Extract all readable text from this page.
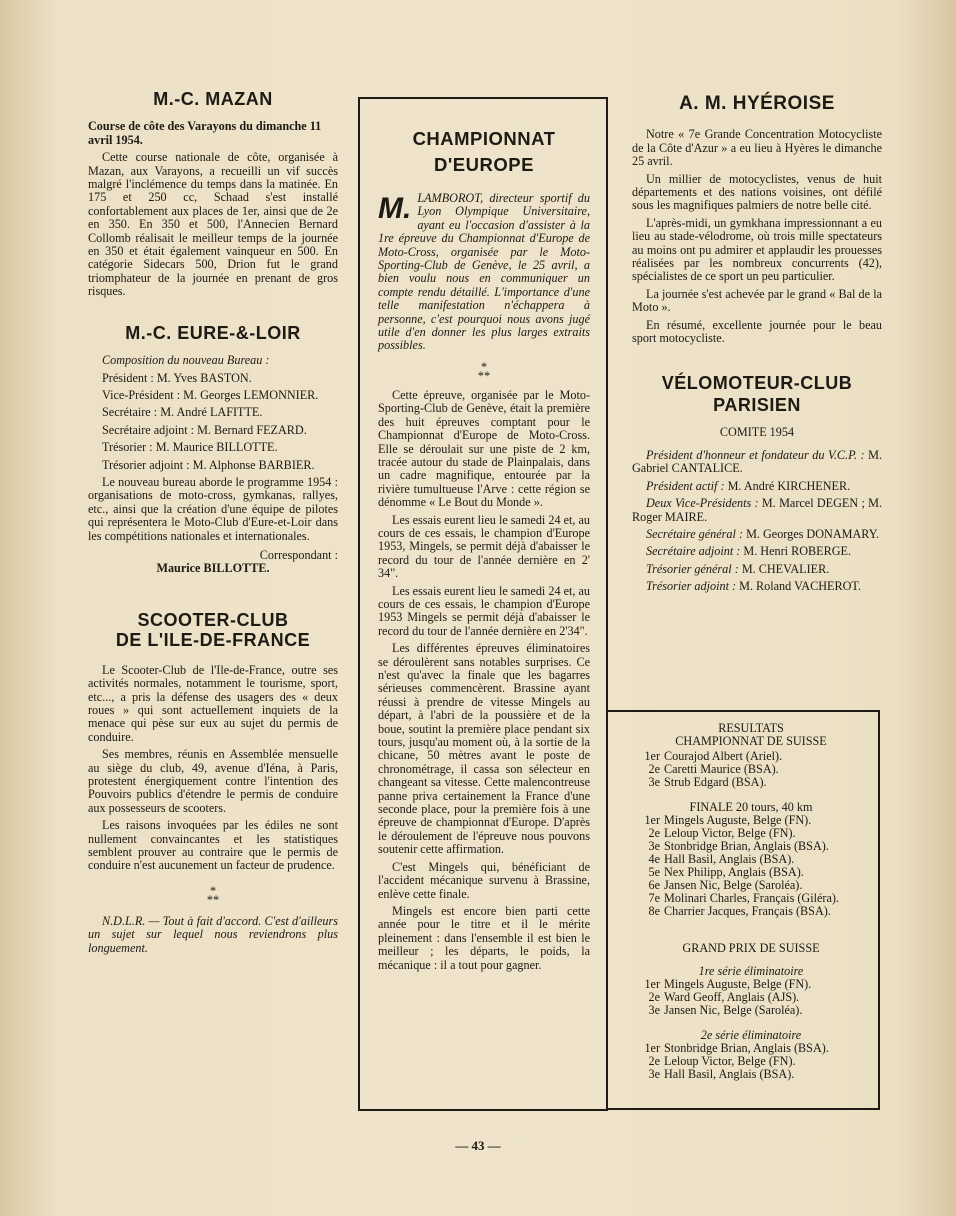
M.-C. MAZAN

Course de côte des Varayons du dimanche 11 avril 1954.

Cette course nationale de côte, organisée à Mazan, aux Varayons, a recueilli un vif succès malgré l'inclémence du temps dans la matinée. En 175 et 250 cc, Schaad s'est installé confortablement aux places de 1er, ainsi que de 2e en 350. En 350 et 500, l'Annecien Bernard Collomb réalisait le meilleur temps de la journée en 350 et était également vainqueur en 500. En catégorie Sidecars 500, Drion fut le grand triomphateur de la journée en prenant de gros risques.

M.-C. EURE-&-LOIR

Composition du nouveau Bureau :

Président : M. Yves BASTON.

Vice-Président : M. Georges LEMONNIER.

Secrétaire : M. André LAFITTE.

Secrétaire adjoint : M. Bernard FEZARD.

Trésorier : M. Maurice BILLOTTE.

Trésorier adjoint : M. Alphonse BARBIER.

Le nouveau bureau aborde le programme 1954 : organisations de moto-cross, gymkanas, rallyes, etc., ainsi que la création d'une équipe de pilotes qui représentera le Moto-Club d'Eure-et-Loir dans les compétitions nationales et internationales.

Correspondant :

Maurice BILLOTTE.

SCOOTER-CLUB
DE L'ILE-DE-FRANCE

Le Scooter-Club de l'Ile-de-France, outre ses activités normales, notamment le tourisme, sport, etc..., a pris la défense des usagers des « deux roues » qui sont actuellement inquiets de la menace qui pèse sur eux au sujet du permis de conduire.

Ses membres, réunis en Assemblée mensuelle au siège du club, 49, avenue d'Iéna, à Paris, protestent énergiquement contre l'intention des Pouvoirs publics d'étendre le permis de conduire aux possesseurs de scooters.

Les raisons invoquées par les édiles ne sont nullement convaincantes et les statistiques semblent prouver au contraire que le permis de conduire n'est aucunement un facteur de prudence.

*
**

N.D.L.R. — Tout à fait d'accord. C'est d'ailleurs un sujet sur lequel nous reviendrons plus longuement.

CHAMPIONNAT
D'EUROPE

M. LAMBOROT, directeur sportif du Lyon Olympique Universitaire, ayant eu l'occasion d'assister à la 1re épreuve du Championnat d'Europe de Moto-Cross, organisée par le Moto-Sporting-Club de Genève, le 25 avril, a bien voulu nous en communiquer un compte rendu détaillé. L'importance d'une telle manifestation n'échappera à personne, c'est pourquoi nous avons jugé utile d'en donner les plus larges extraits possibles.

*
**

Cette épreuve, organisée par le Moto-Sporting-Club de Genève, était la première des huit épreuves comptant pour le Championnat d'Europe de Moto-Cross. Elle se déroulait sur une piste de 2 km, tracée autour du stade de Plainpalais, dans un cadre magnifique, entourée par la rivière tumultueuse l'Arve : cette région se dénomme « Le Bout du Monde ».

Les essais eurent lieu le samedi 24 et, au cours de ces essais, le champion d'Europe 1953, Mingels, se permit déjà d'abaisser le record du tour de l'année dernière en 2' 34".

Les essais eurent lieu le samedi 24 et, au cours de ces essais, le champion d'Europe 1953 Mingels se permit déjà d'abaisser le record du tour de l'année dernière en 2'34".

Les différentes épreuves éliminatoires se déroulèrent sans notables surprises. Ce n'est qu'avec la finale que les bagarres sérieuses commencèrent. Brassine ayant réussi à prendre de vitesse Mingels au départ, à l'abri de la poussière et de la boue, soutint la première place pendant six tours, jusqu'au moment où, à la sortie de la chicane, 50 mètres avant le poste de chronométrage, il cassa son sélecteur en changeant sa vitesse. Cette malencontreuse panne priva certainement la France d'une seconde place, pour la première fois à une épreuve de championnat d'Europe. D'après le déroulement de l'épreuve nous pouvons soutenir cette affirmation.

C'est Mingels qui, bénéficiant de l'accident mécanique survenu à Brassine, enlève cette finale.

Mingels est encore bien parti cette année pour le titre et il le mérite pleinement : dans l'ensemble il est bien le meilleur ; les départs, le poids, la mécanique : il a tout pour gagner.

A. M. HYÉROISE

Notre « 7e Grande Concentration Motocycliste de la Côte d'Azur » a eu lieu à Hyères le dimanche 25 avril.

Un millier de motocyclistes, venus de huit départements et des nations voisines, ont défilé sous les magnifiques palmiers de notre belle cité.

L'après-midi, un gymkhana impressionnant a eu lieu au stade-vélodrome, où trois mille spectateurs au moins ont pu admirer et applaudir les prouesses réalisées par les nombreux concurrents (42), spécialistes de ce sport un peu particulier.

La journée s'est achevée par le grand « Bal de la Moto ».

En résumé, excellente journée pour le beau sport motocycliste.

VÉLOMOTEUR-CLUB
PARISIEN

COMITE 1954

Président d'honneur et fondateur du V.C.P. : M. Gabriel CANTALICE.

Président actif : M. André KIRCHENER.

Deux Vice-Présidents : M. Marcel DEGEN ; M. Roger MAIRE.

Secrétaire général : M. Georges DONAMARY.

Secrétaire adjoint : M. Henri ROBERGE.

Trésorier général : M. CHEVALIER.

Trésorier adjoint : M. Roland VACHEROT.

RESULTATS
CHAMPIONNAT DE SUISSE
1er Courajod Albert (Ariel).
2e Caretti Maurice (BSA).
3e Strub Edgard (BSA).
FINALE 20 tours, 40 km
1er Mingels Auguste, Belge (FN).
2e Leloup Victor, Belge (FN).
3e Stonbridge Brian, Anglais (BSA).
4e Hall Basil, Anglais (BSA).
5e Nex Philipp, Anglais (BSA).
6e Jansen Nic, Belge (Saroléa).
7e Molinari Charles, Français (Giléra).
8e Charrier Jacques, Français (BSA).
GRAND PRIX DE SUISSE
1re série éliminatoire
1er Mingels Auguste, Belge (FN).
2e Ward Geoff, Anglais (AJS).
3e Jansen Nic, Belge (Saroléa).
2e série éliminatoire
1er Stonbridge Brian, Anglais (BSA).
2e Leloup Victor, Belge (FN).
3e Hall Basil, Anglais (BSA).
— 43 —
